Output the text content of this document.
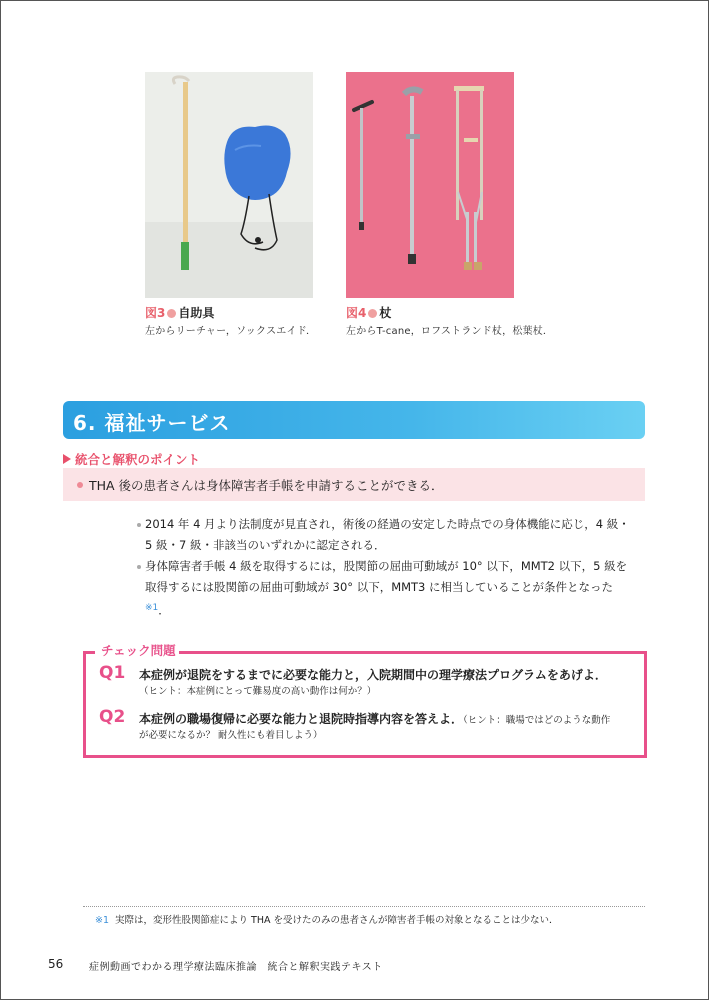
図3 自助具
左からリーチャー，ソックスエイド．
図4 杖
左からT-cane，ロフストランド杖，松葉杖．
6. 福祉サービス
統合と解釈のポイント
THA 後の患者さんは身体障害者手帳を申請することができる．
2014 年 4 月より法制度が見直され，術後の経過の安定した時点での身体機能に応じ，4 級・5 級・7 級・非該当のいずれかに認定される．
身体障害者手帳 4 級を取得するには，股関節の屈曲可動域が 10° 以下，MMT2 以下，5 級を取得するには股関節の屈曲可動域が 30° 以下，MMT3 に相当していることが条件となった$^{※1}$．
チェック問題
Q1 本症例が退院をするまでに必要な能力と，入院期間中の理学療法プログラムをあげよ．
（ヒント：本症例にとって難易度の高い動作は何か？）
Q2 本症例の職場復帰に必要な能力と退院時指導内容を答えよ．（ヒント：職場ではどのような動作
が必要になるか？ 耐久性にも着目しよう）
※1 実際は，変形性股関節症により THA を受けたのみの患者さんが障害者手帳の対象となることは少ない．
56	症例動画でわかる理学療法臨床推論　統合と解釈実践テキスト
